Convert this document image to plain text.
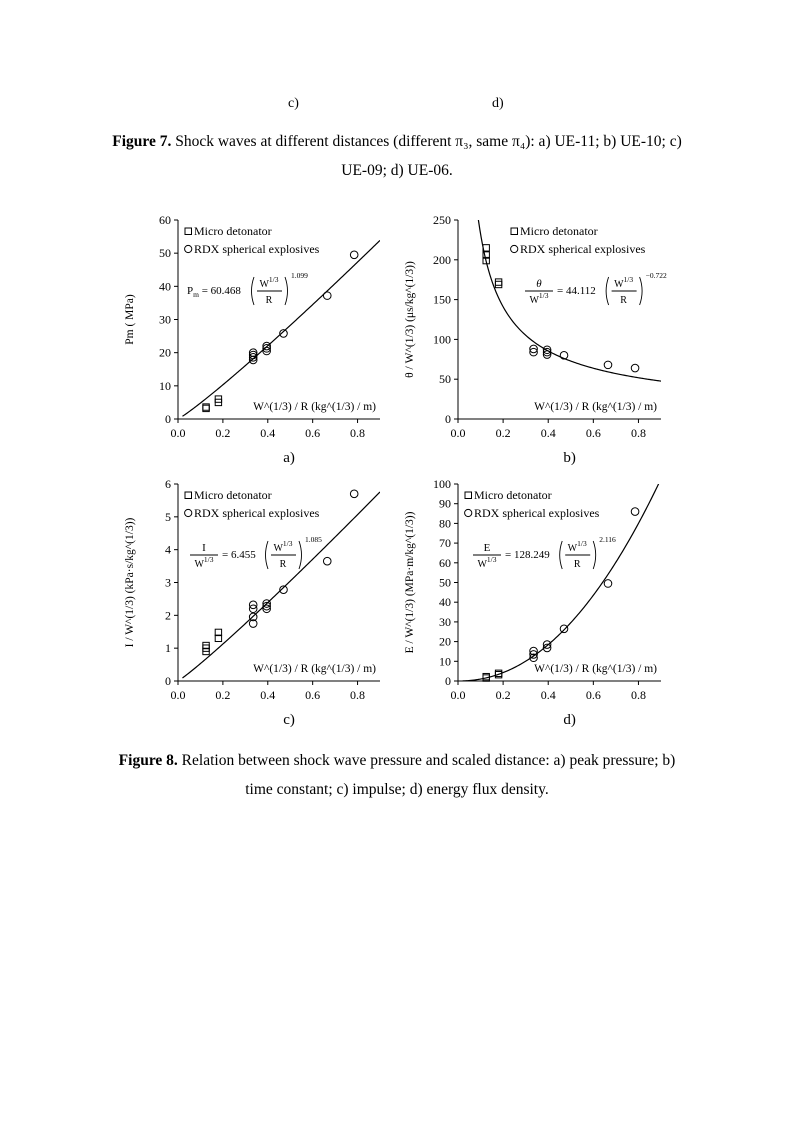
c)	d)
Figure 7. Shock waves at different distances (different π₃, same π₄): a) UE-11; b) UE-10; c)
UE-09; d) UE-06.
0
10
20
30
40
50
60
0.0 0.2 0.4 0.6 0.8
Pm ( MPa)
W^(1/3) / R (kg^(1/3) / m)
Micro detonator
RDX spherical explosives
$P_m = 60.468$
$W^{1/3}$
R
1.099
a)
0
50
100
150
200
250
0.0	0.2	0.4	0.6	0.8
θ / W^(1/3) (μs/kg^(1/3))
W^(1/3) / R (kg^(1/3) / m)
Micro detonator
RDX spherical explosives
θ
$W^{1/3} = 44.112$
$W^{1/3}$
R
−0.722
b)
0
1
2
3
4
5
6
0.0 0.2 0.4 0.6 0.8
I / W^(1/3) (kPa·s/kg^(1/3))
W^(1/3) / R (kg^(1/3) / m)
Micro detonator
RDX spherical explosives
I
$W^{1/3} = 6.455$
$W^{1/3}$
R
1.085
c)
0
10
20
30
40
50
60
70
80
90
100
0.0	0.2	0.4	0.6	0.8
E / W^(1/3) (MPa·m/kg^(1/3))
W^(1/3) / R (kg^(1/3) / m)
Micro detonator
RDX spherical explosives
E
$W^{1/3} = 128.249$
$W^{1/3}$
R
2.116
d)
Figure 8. Relation between shock wave pressure and scaled distance: a) peak pressure; b)
time constant; c) impulse; d) energy flux density.
